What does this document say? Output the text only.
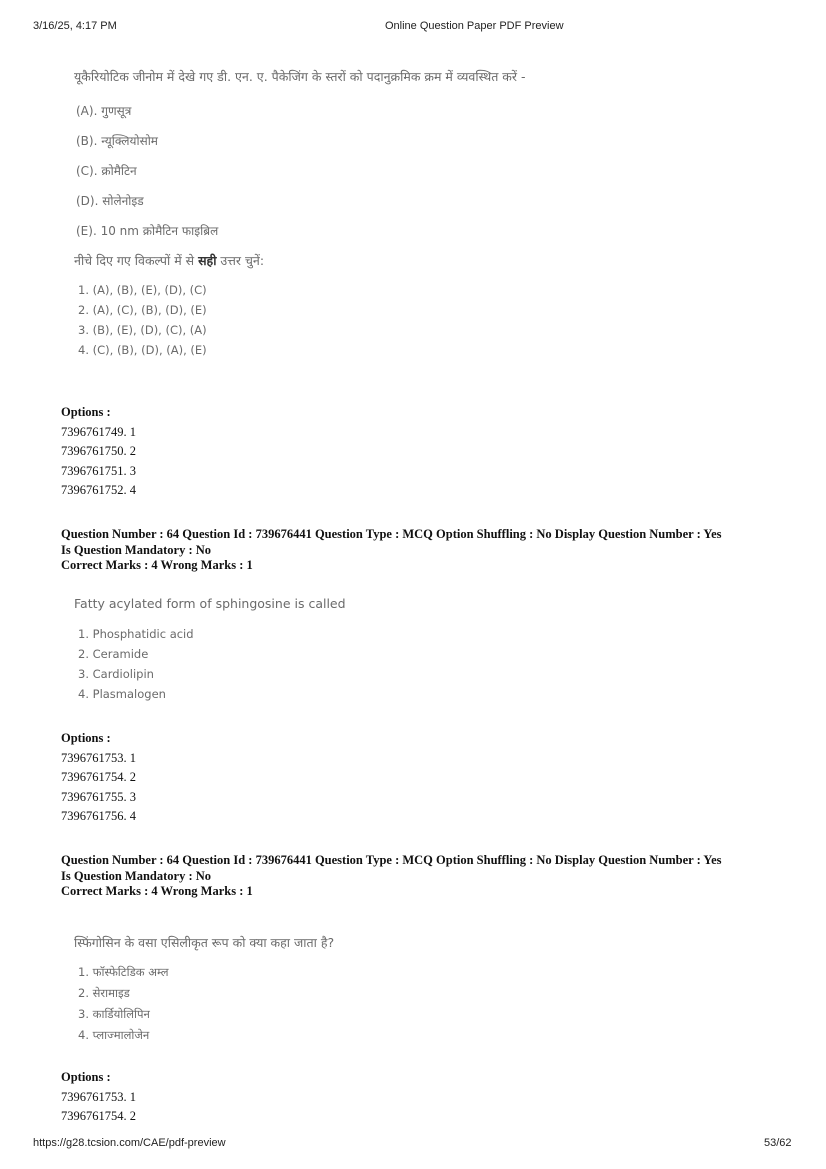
3/16/25, 4:17 PM	Online Question Paper PDF Preview
यूकैरियोटिक जीनोम में देखे गए डी. एन. ए. पैकेजिंग के स्तरों को पदानुक्रमिक क्रम में व्यवस्थित करें -
(A). गुणसूत्र
(B). न्यूक्लियोसोम
(C). क्रोमैटिन
(D). सोलेनोइड
(E). 10 nm क्रोमैटिन फाइब्रिल
नीचे दिए गए विकल्पों में से सही उत्तर चुनें:
1. (A), (B), (E), (D), (C)
2. (A), (C), (B), (D), (E)
3. (B), (E), (D), (C), (A)
4. (C), (B), (D), (A), (E)
Options :
7396761749. 1
7396761750. 2
7396761751. 3
7396761752. 4
Question Number : 64 Question Id : 739676441 Question Type : MCQ Option Shuffling : No Display Question Number : Yes
Is Question Mandatory : No
Correct Marks : 4 Wrong Marks : 1
Fatty acylated form of sphingosine is called
1. Phosphatidic acid
2. Ceramide
3. Cardiolipin
4. Plasmalogen
Options :
7396761753. 1
7396761754. 2
7396761755. 3
7396761756. 4
Question Number : 64 Question Id : 739676441 Question Type : MCQ Option Shuffling : No Display Question Number : Yes
Is Question Mandatory : No
Correct Marks : 4 Wrong Marks : 1
स्फिंगोसिन के वसा एसिलीकृत रूप को क्या कहा जाता है?
1. फॉस्फेटिडिक अम्ल
2. सेरामाइड
3. कार्डियोलिपिन
4. प्लाज्मालोजेन
Options :
7396761753. 1
7396761754. 2
https://g28.tcsion.com/CAE/pdf-preview	53/62
